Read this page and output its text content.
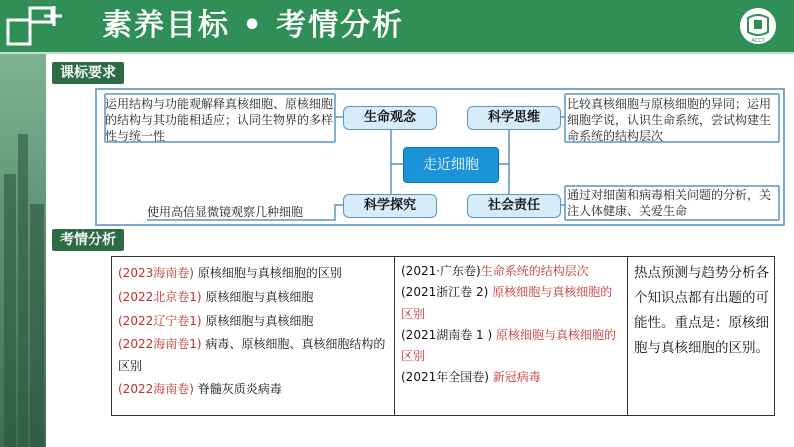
素养目标 • 考情分析	ACCT
课标要求
考情分析
运用结构与功能观解释真核细胞、原核细胞的结构与其功能相适应；认同生物界的多样性与统一性
比较真核细胞与原核细胞的异同；运用细胞学说，认识生命系统，尝试构建生命系统的结构层次
使用高倍显微镜观察几种细胞
通过对细菌和病毒相关问题的分析，关注人体健康、关爱生命
生命观念	科学思维
科学探究	社会责任
走近细胞
(2023海南卷) 原核细胞与真核细胞的区别
(2022北京卷1) 原核细胞与真核细胞
(2022辽宁卷1) 原核细胞与真核细胞
(2022海南卷1) 病毒、原核细胞、真核细胞结构的区别
(2022海南卷) 脊髓灰质炎病毒
(2021·广东卷)生命系统的结构层次
(2021浙江卷 2) 原核细胞与真核细胞的区别
(2021湖南卷 1 ) 原核细胞与真核细胞的区别
(2021年全国卷) 新冠病毒
热点预测与趋势分析各个知识点都有出题的可能性。重点是：原核细胞与真核细胞的区别。
